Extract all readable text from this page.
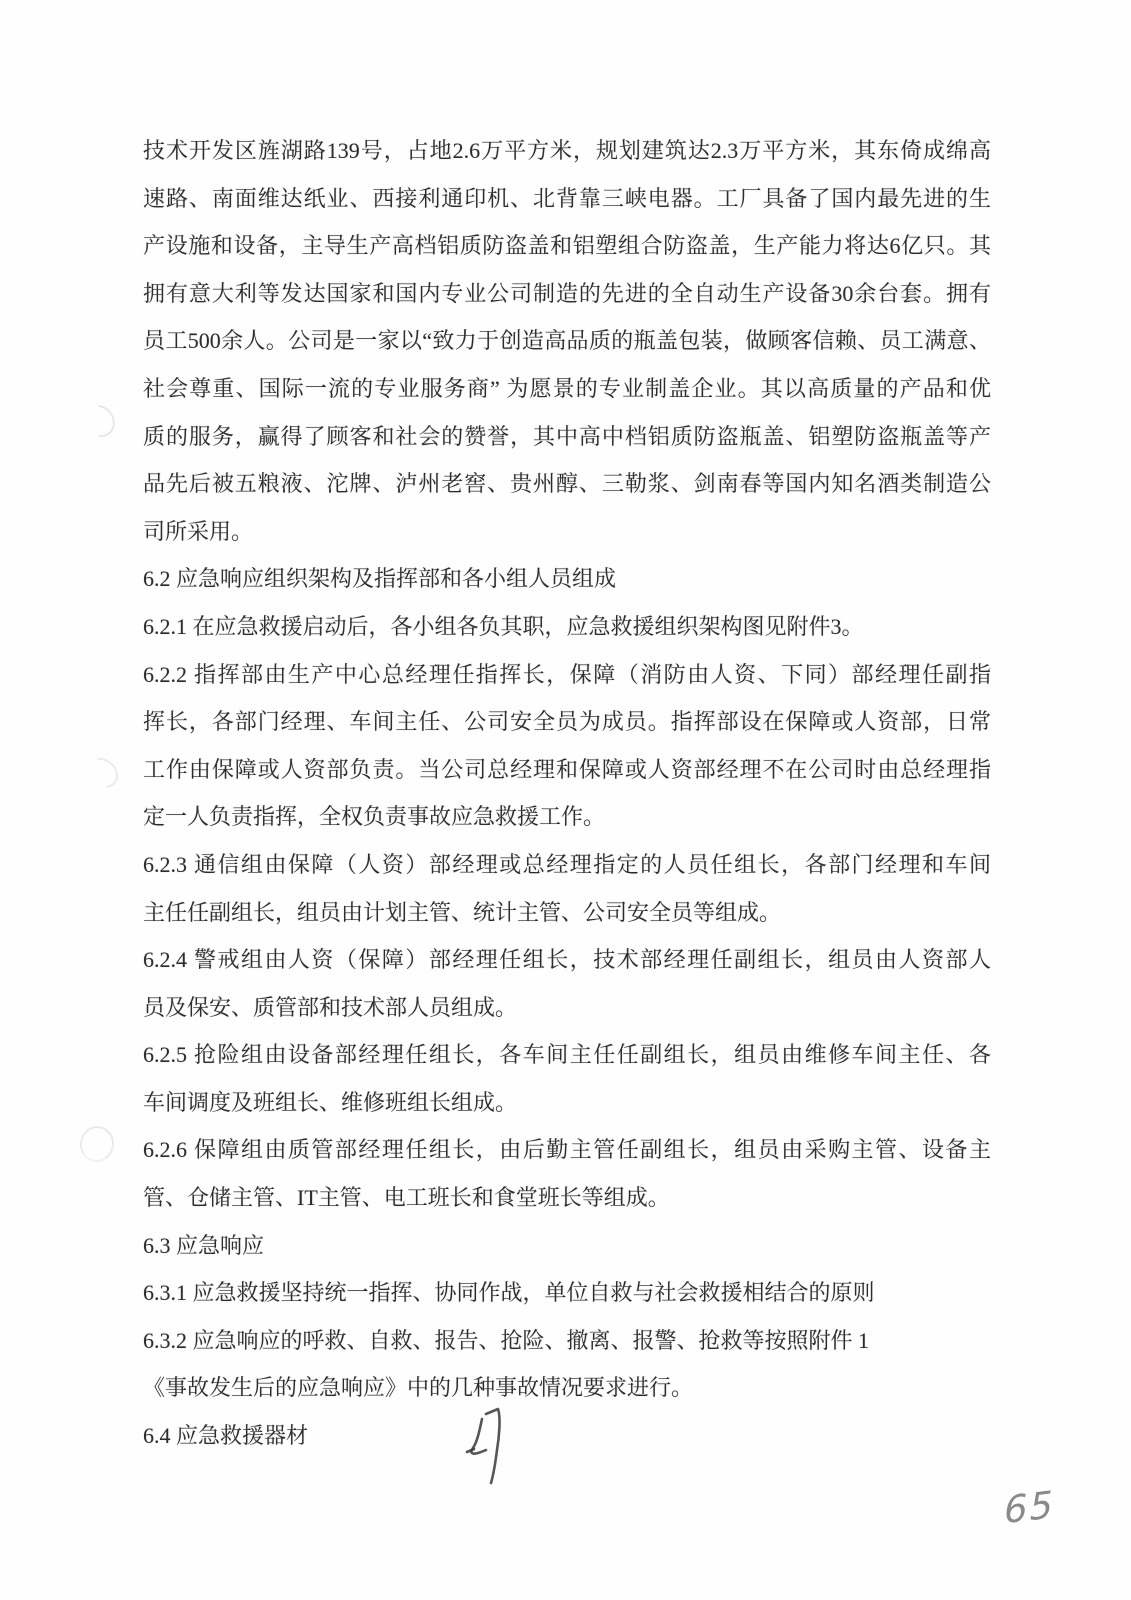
技术开发区旌湖路139号，占地2.6万平方米，规划建筑达2.3万平方米，其东倚成绵高
速路、南面维达纸业、西接利通印机、北背靠三峡电器。工厂具备了国内最先进的生
产设施和设备，主导生产高档铝质防盗盖和铝塑组合防盗盖，生产能力将达6亿只。其
拥有意大利等发达国家和国内专业公司制造的先进的全自动生产设备30余台套。拥有
员工500余人。公司是一家以“致力于创造高品质的瓶盖包装，做顾客信赖、员工满意、
社会尊重、国际一流的专业服务商” 为愿景的专业制盖企业。其以高质量的产品和优
质的服务，赢得了顾客和社会的赞誉，其中高中档铝质防盗瓶盖、铝塑防盗瓶盖等产
品先后被五粮液、沱牌、泸州老窖、贵州醇、三勒浆、剑南春等国内知名酒类制造公
司所采用。
6.2 应急响应组织架构及指挥部和各小组人员组成
6.2.1 在应急救援启动后，各小组各负其职，应急救援组织架构图见附件3。
6.2.2 指挥部由生产中心总经理任指挥长，保障（消防由人资、下同）部经理任副指
挥长，各部门经理、车间主任、公司安全员为成员。指挥部设在保障或人资部，日常
工作由保障或人资部负责。当公司总经理和保障或人资部经理不在公司时由总经理指
定一人负责指挥，全权负责事故应急救援工作。
6.2.3 通信组由保障（人资）部经理或总经理指定的人员任组长，各部门经理和车间
主任任副组长，组员由计划主管、统计主管、公司安全员等组成。
6.2.4 警戒组由人资（保障）部经理任组长，技术部经理任副组长，组员由人资部人
员及保安、质管部和技术部人员组成。
6.2.5 抢险组由设备部经理任组长，各车间主任任副组长，组员由维修车间主任、各
车间调度及班组长、维修班组长组成。
6.2.6 保障组由质管部经理任组长，由后勤主管任副组长，组员由采购主管、设备主
管、仓储主管、IT主管、电工班长和食堂班长等组成。
6.3 应急响应
6.3.1 应急救援坚持统一指挥、协同作战，单位自救与社会救援相结合的原则
6.3.2 应急响应的呼救、自救、报告、抢险、撤离、报警、抢救等按照附件 1
《事故发生后的应急响应》中的几种事故情况要求进行。
6.4 应急救援器材
65
